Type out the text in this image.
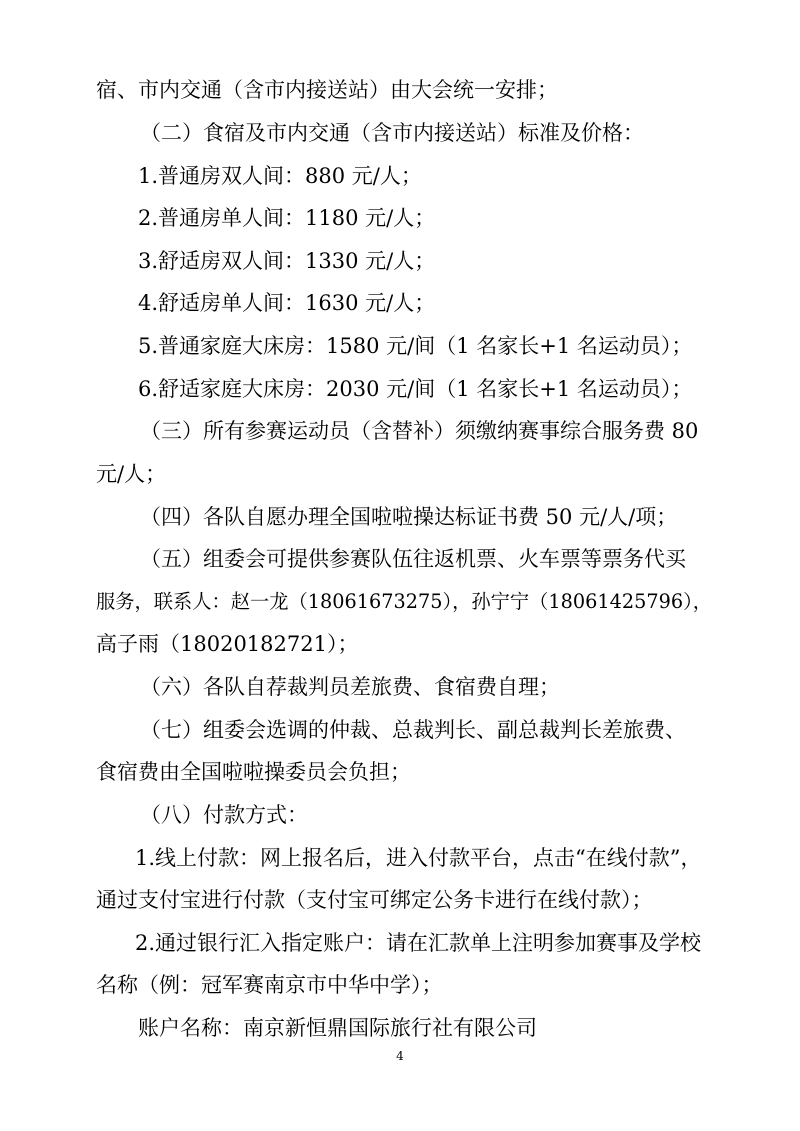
宿、市内交通（含市内接送站）由大会统一安排；
（二）食宿及市内交通（含市内接送站）标准及价格：
1.普通房双人间：880 元/人；
2.普通房单人间：1180 元/人；
3.舒适房双人间：1330 元/人；
4.舒适房单人间：1630 元/人；
5.普通家庭大床房：1580 元/间（1 名家长+1 名运动员）；
6.舒适家庭大床房：2030 元/间（1 名家长+1 名运动员）；
（三）所有参赛运动员（含替补）须缴纳赛事综合服务费 80
元/人；
（四）各队自愿办理全国啦啦操达标证书费 50 元/人/项；
（五）组委会可提供参赛队伍往返机票、火车票等票务代买
服务，联系人：赵一龙（18061673275），孙宁宁（18061425796），
高子雨（18020182721）；
（六）各队自荐裁判员差旅费、食宿费自理；
（七）组委会选调的仲裁、总裁判长、副总裁判长差旅费、
食宿费由全国啦啦操委员会负担；
（八）付款方式：
1.线上付款：网上报名后，进入付款平台，点击“在线付款”，
通过支付宝进行付款（支付宝可绑定公务卡进行在线付款）；
2.通过银行汇入指定账户：请在汇款单上注明参加赛事及学校
名称（例：冠军赛南京市中华中学）；
账户名称：南京新恒鼎国际旅行社有限公司
4
